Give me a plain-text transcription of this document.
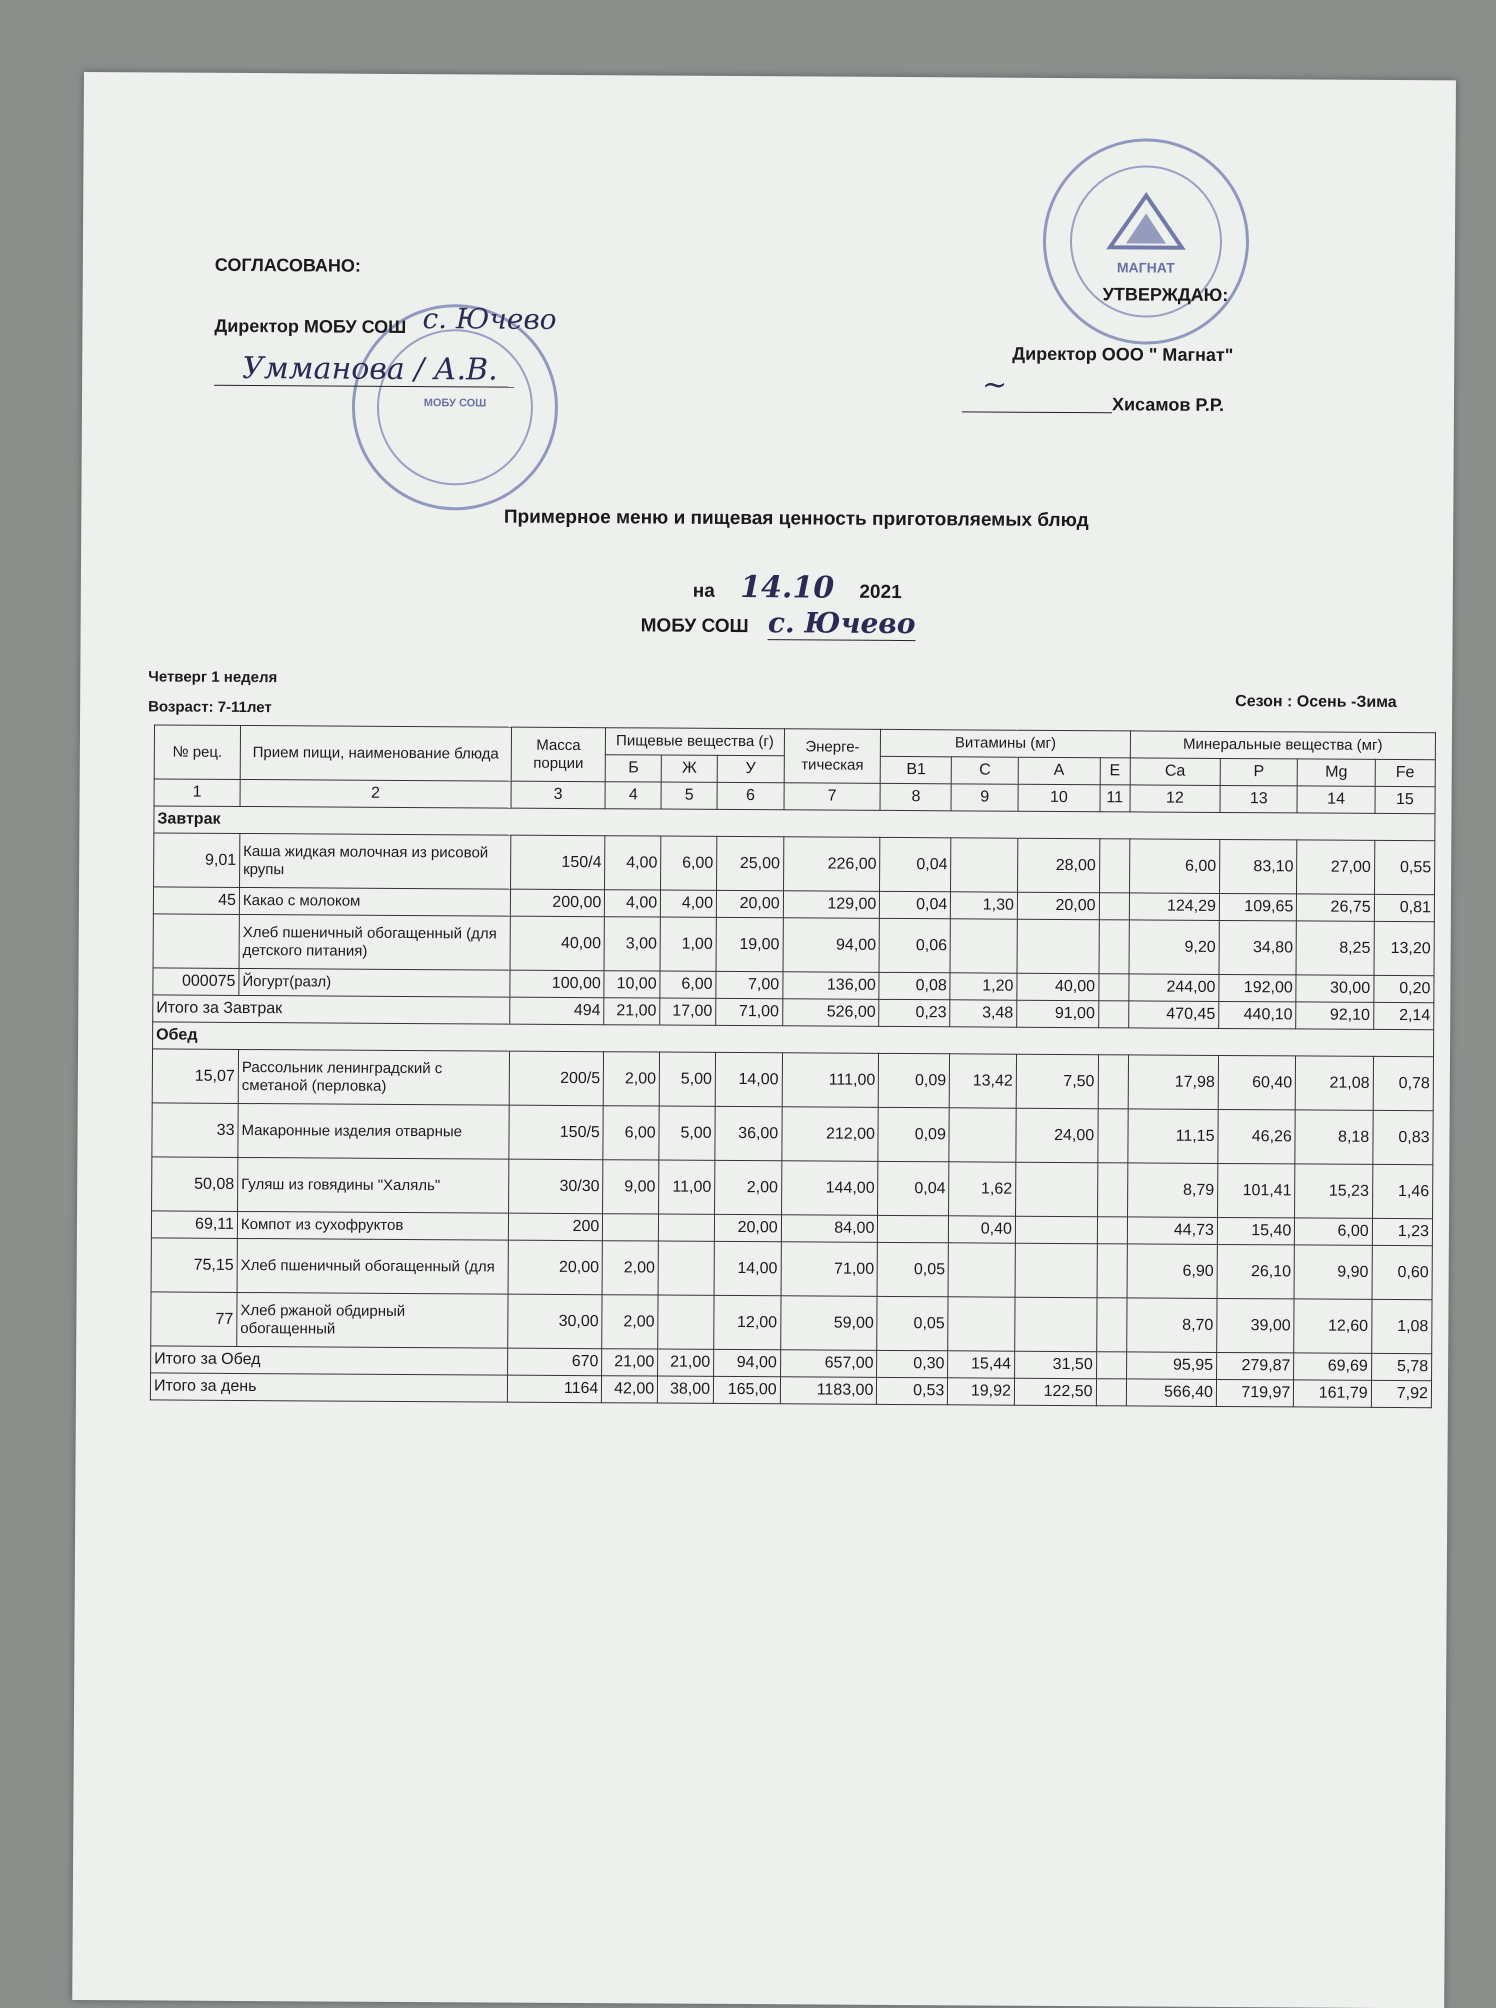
МОБУ СОШ
МАГНАТ
СОГЛАСОВАНО:
Директор МОБУ СОШ с. Ючево
Умманова / А.В.
УТВЕРЖДАЮ:
Директор ООО " Магнат"
~
Хисамов Р.Р.
Примерное меню и пищевая ценность приготовляемых блюд
на 14.10 2021
МОБУ СОШ с. Ючево
Четверг 1 неделя
Возраст: 7-11лет	Сезон : Осень -Зима
№ рец.	Прием пищи, наименование блюда	Масса порции	Пищевые вещества (г)			Энерге-тическая	Витамины (мг)				Минеральные вещества (мг)			
			Б	Ж	У		В1	С	А	Е	Ca	P	Mg	Fe
1	2	3	4	5	6	7	8	9	10	11	12	13	14	15
Завтрак														
9,01	Каша жидкая молочная из рисовой крупы	150/4	4,00	6,00	25,00	226,00	0,04		28,00		6,00	83,10	27,00	0,55
45	Какао с молоком	200,00	4,00	4,00	20,00	129,00	0,04	1,30	20,00		124,29	109,65	26,75	0,81
	Хлеб пшеничный обогащенный (для детского питания)	40,00	3,00	1,00	19,00	94,00	0,06				9,20	34,80	8,25	13,20
000075	Йогурт(разл)	100,00	10,00	6,00	7,00	136,00	0,08	1,20	40,00		244,00	192,00	30,00	0,20
Итого за Завтрак		494	21,00	17,00	71,00	526,00	0,23	3,48	91,00		470,45	440,10	92,10	2,14
Обед														
15,07	Рассольник ленинградский с сметаной (перловка)	200/5	2,00	5,00	14,00	111,00	0,09	13,42	7,50		17,98	60,40	21,08	0,78
33	Макаронные изделия отварные	150/5	6,00	5,00	36,00	212,00	0,09		24,00		11,15	46,26	8,18	0,83
50,08	Гуляш из говядины "Халяль"	30/30	9,00	11,00	2,00	144,00	0,04	1,62			8,79	101,41	15,23	1,46
69,11	Компот из сухофруктов	200			20,00	84,00		0,40			44,73	15,40	6,00	1,23
75,15	Хлеб пшеничный обогащенный (для	20,00	2,00		14,00	71,00	0,05				6,90	26,10	9,90	0,60
77	Хлеб ржаной обдирный обогащенный	30,00	2,00		12,00	59,00	0,05				8,70	39,00	12,60	1,08
Итого за Обед		670	21,00	21,00	94,00	657,00	0,30	15,44	31,50		95,95	279,87	69,69	5,78
Итого за день		1164	42,00	38,00	165,00	1183,00	0,53	19,92	122,50		566,40	719,97	161,79	7,92
